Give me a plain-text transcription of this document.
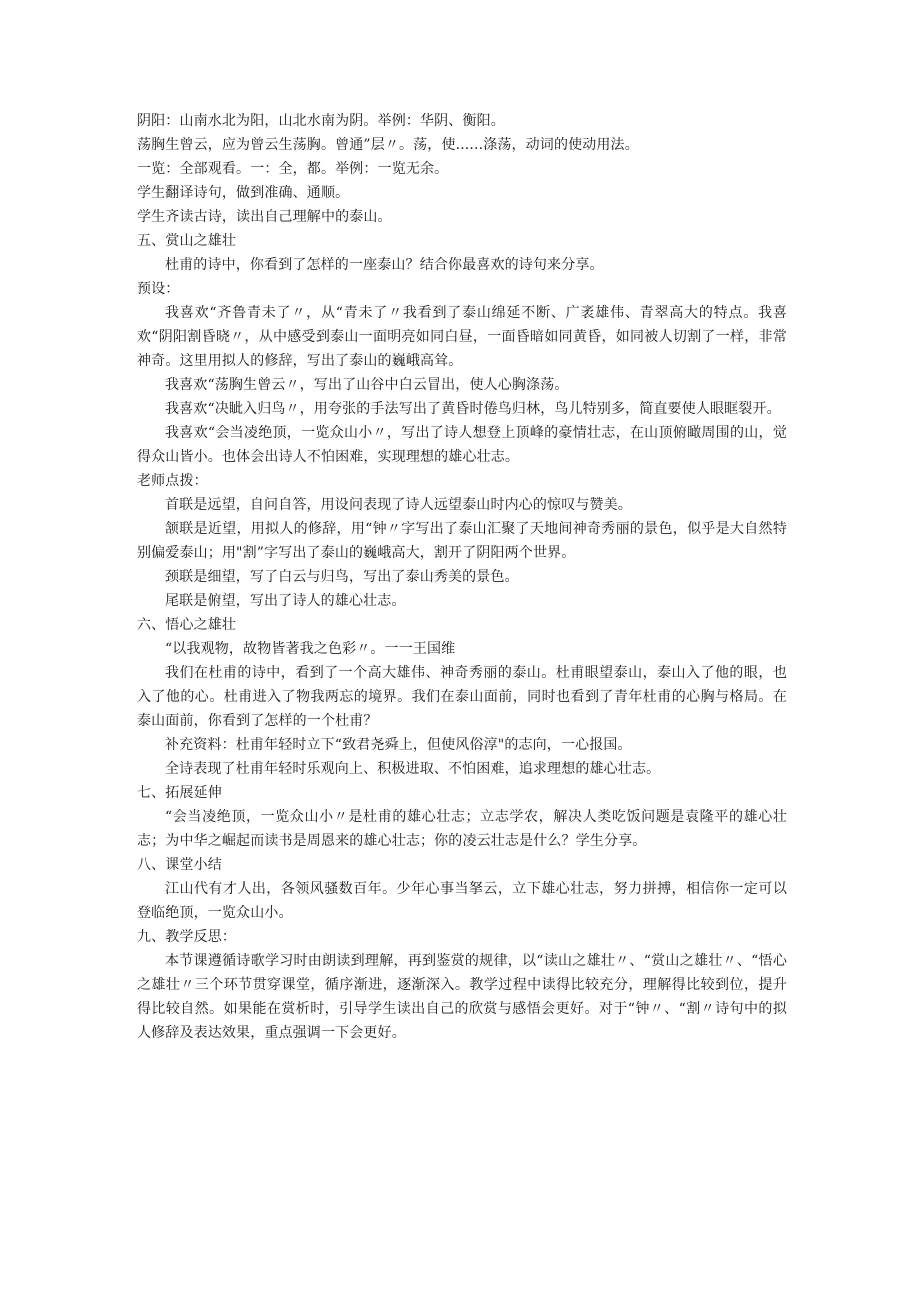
阴阳：山南水北为阳，山北水南为阴。举例：华阴、衡阳。

荡胸生曾云，应为曾云生荡胸。曾通”层〃。荡，使......涤荡，动词的使动用法。

一览：全部观看。一：全，都。举例：一览无余。

学生翻译诗句，做到准确、通顺。

学生齐读古诗，读出自己理解中的泰山。

五、赏山之雄壮

杜甫的诗中，你看到了怎样的一座泰山？结合你最喜欢的诗句来分享。

预设：

我喜欢“齐鲁青未了〃，从“青未了〃我看到了泰山绵延不断、广袤雄伟、青翠高大的特点。我喜欢“阴阳割昏晓〃，从中感受到泰山一面明亮如同白昼，一面昏暗如同黄昏，如同被人切割了一样，非常神奇。这里用拟人的修辞，写出了泰山的巍峨高耸。

我喜欢“荡胸生曾云〃，写出了山谷中白云冒出，使人心胸涤荡。

我喜欢“决眦入归鸟〃，用夸张的手法写出了黄昏时倦鸟归林，鸟儿特别多，简直要使人眼眶裂开。

我喜欢“会当凌绝顶，一览众山小〃，写出了诗人想登上顶峰的豪情壮志，在山顶俯瞰周围的山，觉得众山皆小。也体会出诗人不怕困难，实现理想的雄心壮志。

老师点拨：

首联是远望，自问自答，用设问表现了诗人远望泰山时内心的惊叹与赞美。

颔联是近望，用拟人的修辞，用“钟〃字写出了泰山汇聚了天地间神奇秀丽的景色，似乎是大自然特别偏爱泰山；用"割”字写出了泰山的巍峨高大，割开了阴阳两个世界。

颈联是细望，写了白云与归鸟，写出了泰山秀美的景色。

尾联是俯望，写出了诗人的雄心壮志。

六、悟心之雄壮

“以我观物，故物皆著我之色彩〃。一一王国维

我们在杜甫的诗中，看到了一个高大雄伟、神奇秀丽的泰山。杜甫眼望泰山，泰山入了他的眼，也入了他的心。杜甫进入了物我两忘的境界。我们在泰山面前，同时也看到了青年杜甫的心胸与格局。在泰山面前，你看到了怎样的一个杜甫？

补充资料：杜甫年轻时立下“致君尧舜上，但使风俗淳"的志向，一心报国。

全诗表现了杜甫年轻时乐观向上、积极进取、不怕困难，追求理想的雄心壮志。

七、拓展延伸

“会当凌绝顶，一览众山小〃是杜甫的雄心壮志；立志学农，解决人类吃饭问题是袁隆平的雄心壮志；为中华之崛起而读书是周恩来的雄心壮志；你的凌云壮志是什么？学生分享。

八、课堂小结

江山代有才人出，各领风骚数百年。少年心事当拏云，立下雄心壮志，努力拼搏，相信你一定可以登临绝顶，一览众山小。

九、教学反思：

本节课遵循诗歌学习时由朗读到理解，再到鉴赏的规律，以“读山之雄壮〃、“赏山之雄壮〃、“悟心之雄壮〃三个环节贯穿课堂，循序渐进，逐渐深入。教学过程中读得比较充分，理解得比较到位，提升得比较自然。如果能在赏析时，引导学生读出自己的欣赏与感悟会更好。对于“钟〃、“割〃诗句中的拟人修辞及表达效果，重点强调一下会更好。
